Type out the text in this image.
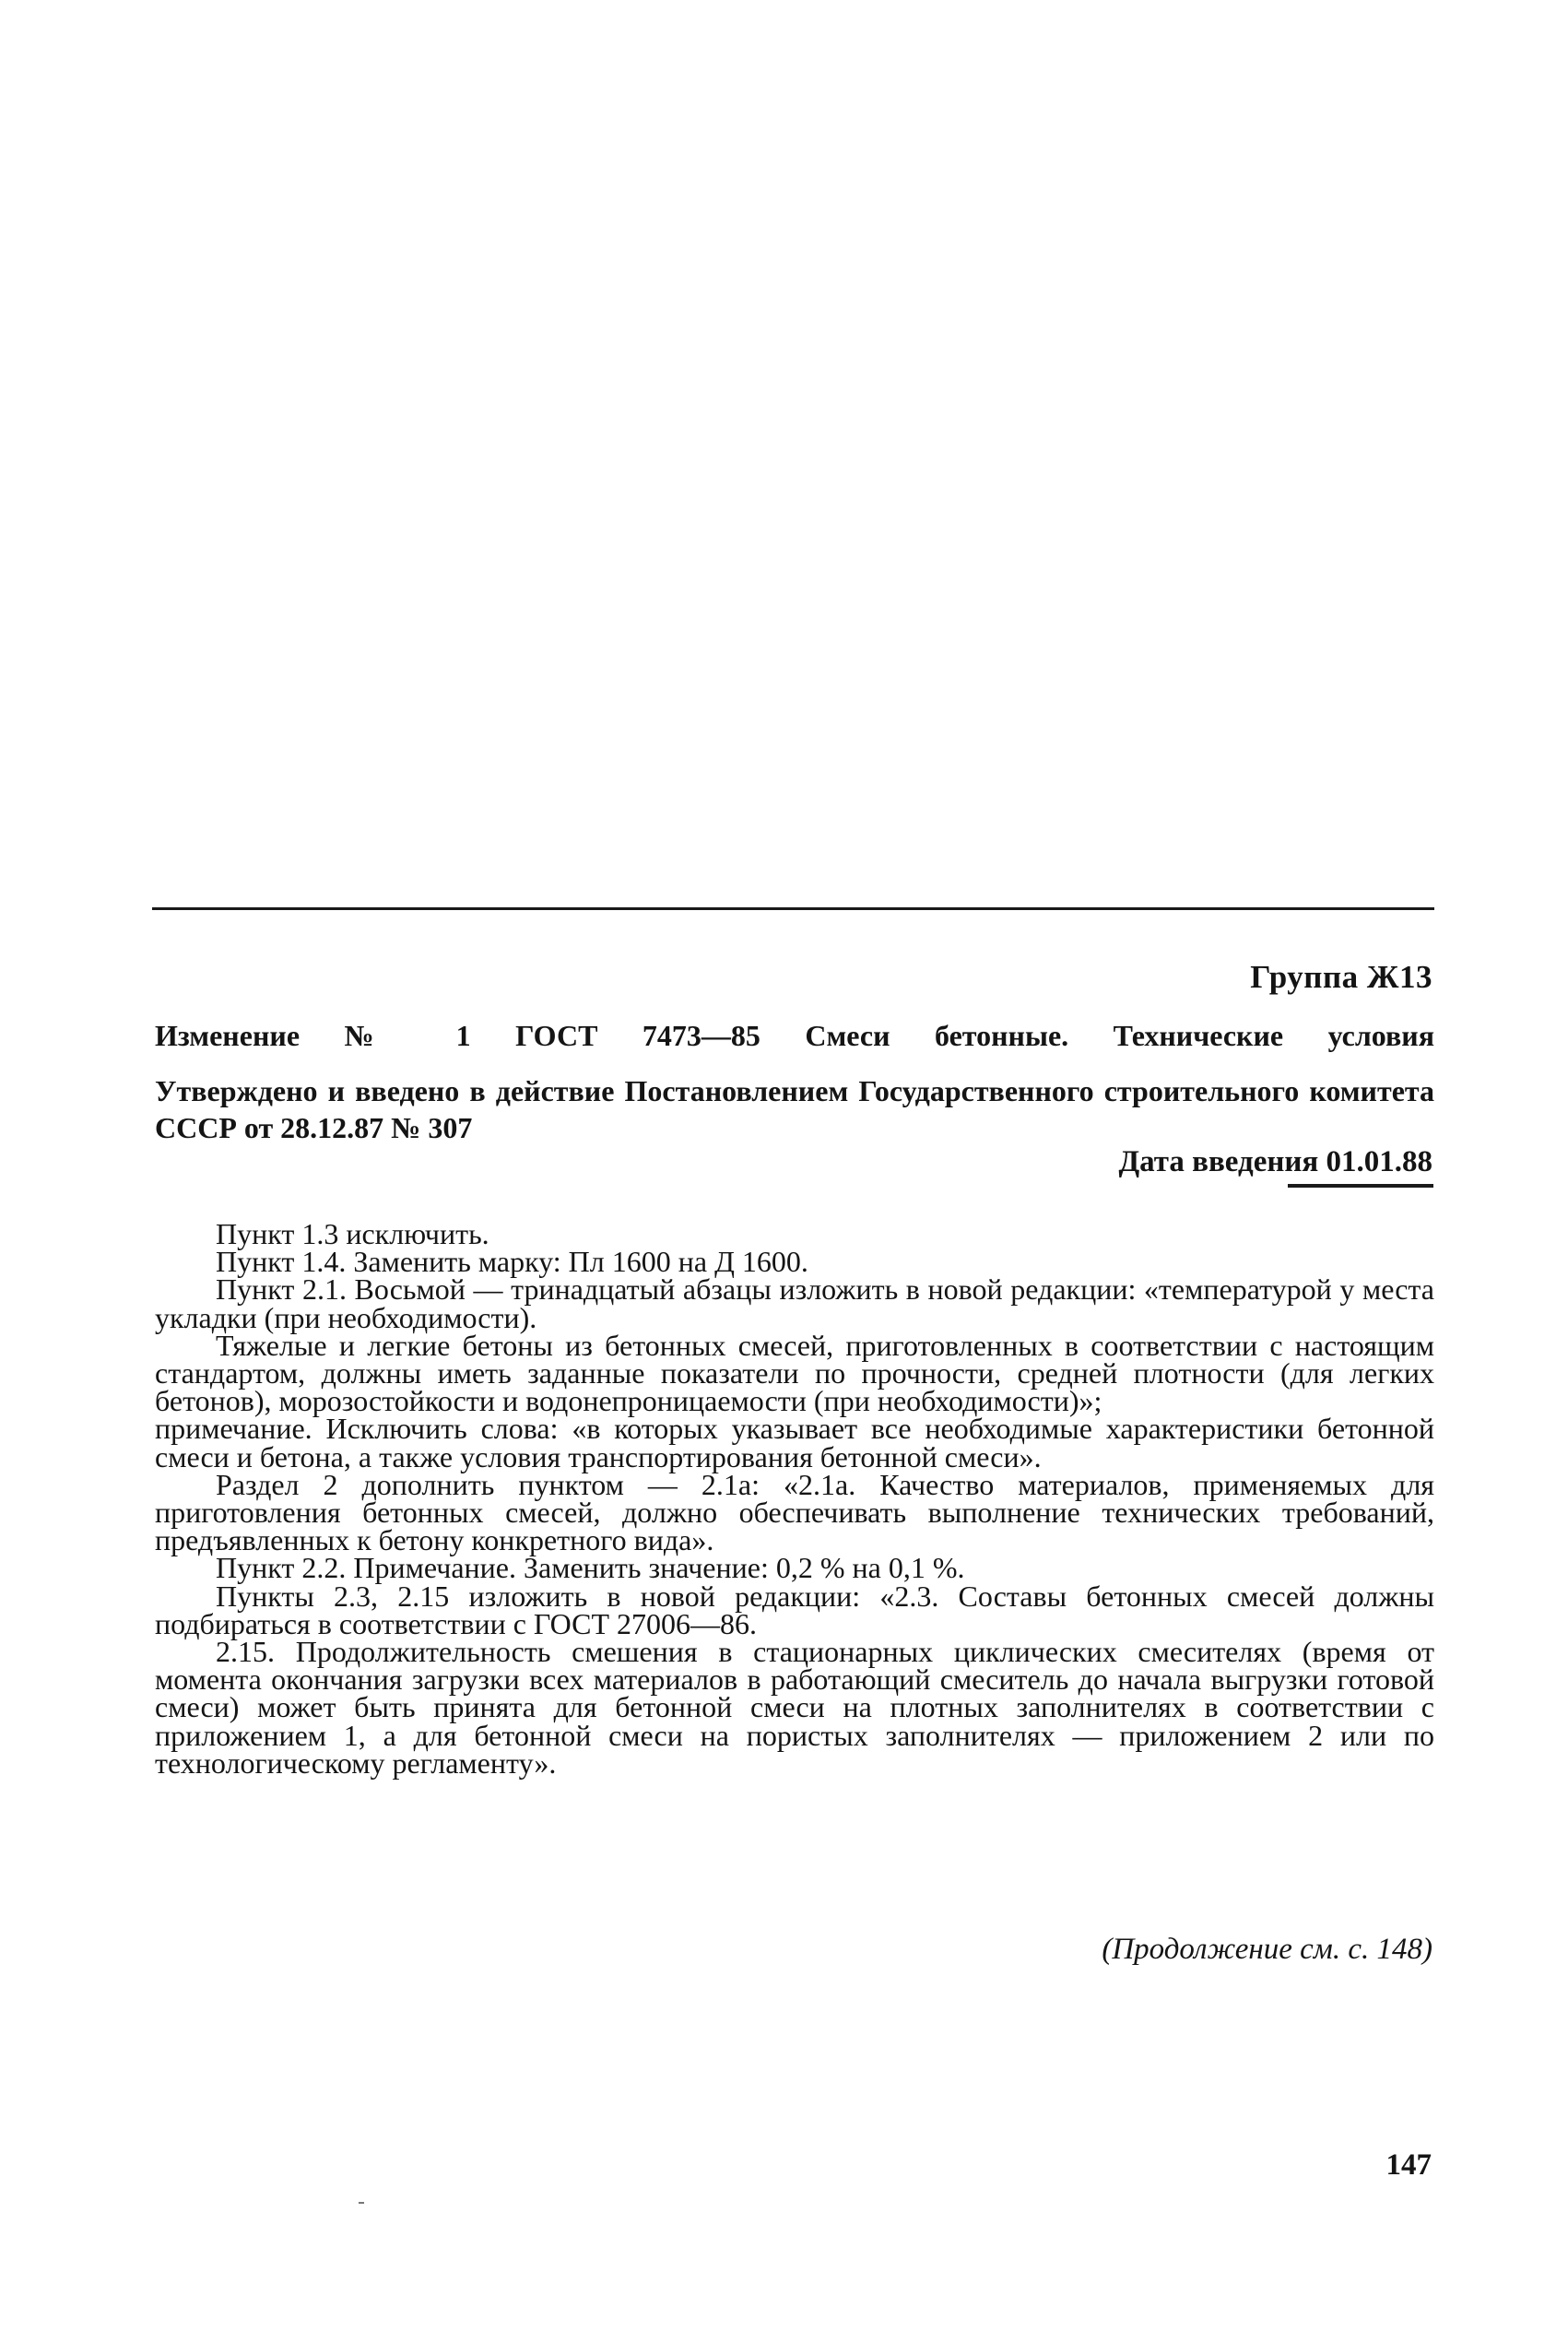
Группа Ж13
Изменение № 1 ГОСТ 7473—85 Смеси бетонные. Технические условия
Утверждено и введено в действие Постановлением Государственного строительного комитета СССР от 28.12.87 № 307
Дата введения 01.01.88

Пункт 1.3 исключить.

Пункт 1.4. Заменить марку: Пл 1600 на Д 1600.

Пункт 2.1. Восьмой — тринадцатый абзацы изложить в новой редакции: «температурой у места укладки (при необходимости).

Тяжелые и легкие бетоны из бетонных смесей, приготовленных в соответствии с настоящим стандартом, должны иметь заданные показатели по прочности, средней плотности (для легких бетонов), морозостойкости и водонепроницаемости (при необходимости)»;

примечание. Исключить слова: «в которых указывает все необходимые характеристики бетонной смеси и бетона, а также условия транспортирования бетонной смеси».

Раздел 2 дополнить пунктом — 2.1а: «2.1а. Качество материалов, применяемых для приготовления бетонных смесей, должно обеспечивать выполнение технических требований, предъявленных к бетону конкретного вида».

Пункт 2.2. Примечание. Заменить значение: 0,2 % на 0,1 %.

Пункты 2.3, 2.15 изложить в новой редакции: «2.3. Составы бетонных смесей должны подбираться в соответствии с ГОСТ 27006—86.

2.15. Продолжительность смешения в стационарных циклических смесителях (время от момента окончания загрузки всех материалов в работающий смеситель до начала выгрузки готовой смеси) может быть принята для бетонной смеси на плотных заполнителях в соответствии с приложением 1, а для бетонной смеси на пористых заполнителях — приложением 2 или по технологическому регламенту».

(Продолжение см. с. 148)
147
